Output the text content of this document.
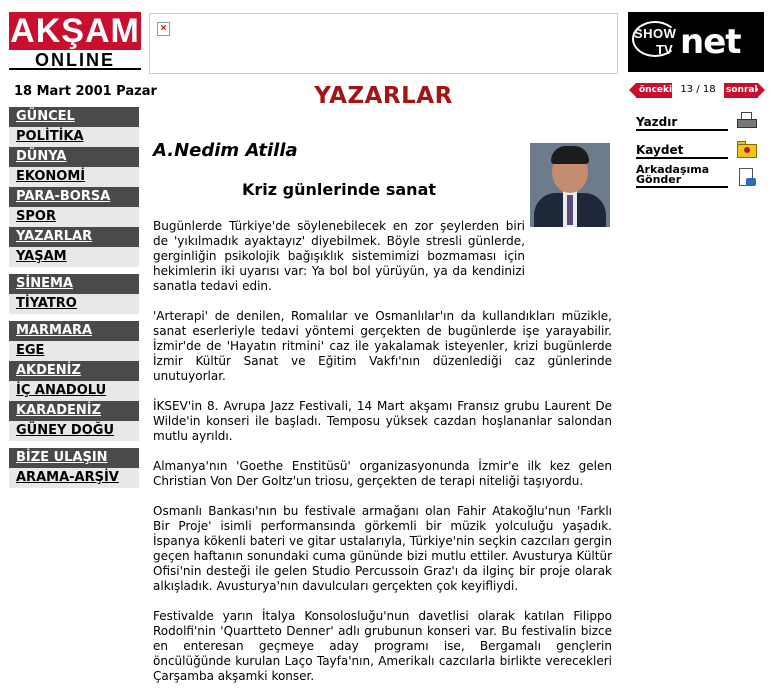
AKŞAM
ONLINE
18 Mart 2001 Pazar
GÜNCEL
POLİTİKA
DÜNYA
EKONOMİ
PARA-BORSA
SPOR
YAZARLAR
YAŞAM
SİNEMA
TİYATRO
MARMARA
EGE
AKDENİZ
İÇ ANADOLU
KARADENİZ
GÜNEY DOĞU
BİZE ULAŞIN
ARAMA-ARŞİV
×
YAZARLAR
A.Nedim Atilla
Kriz günlerinde sanat

Bugünlerde Türkiye'de söylenebilecek en zor şeylerden biri de 'yıkılmadık ayaktayız' diyebilmek. Böyle stresli günlerde, gerginliğin psikolojik bağışıklık sistemimizi bozmaması için hekimlerin iki uyarısı var: Ya bol bol yürüyün, ya da kendinizi sanatla tedavi edin.

'Arterapi' de denilen, Romalılar ve Osmanlılar'ın da kullandıkları müzikle, sanat eserleriyle tedavi yöntemi gerçekten de bugünlerde işe yarayabilir. İzmir'de de 'Hayatın ritmini' caz ile yakalamak isteyenler, krizi bugünlerde İzmir Kültür Sanat ve Eğitim Vakfı'nın düzenlediği caz günlerinde unutuyorlar.

İKSEV'in 8. Avrupa Jazz Festivali, 14 Mart akşamı Fransız grubu Laurent De Wilde'in konseri ile başladı. Temposu yüksek cazdan hoşlananlar salondan mutlu ayrıldı.

Almanya'nın 'Goethe Enstitüsü' organizasyonunda İzmir'e ilk kez gelen Christian Von Der Goltz'un triosu, gerçekten de terapi niteliği taşıyordu.

Osmanlı Bankası'nın bu festivale armağanı olan Fahir Atakoğlu'nun 'Farklı Bir Proje' isimli performansında görkemli bir müzik yolculuğu yaşadık. İspanya kökenli bateri ve gitar ustalarıyla, Türkiye'nin seçkin cazcıları gergin geçen haftanın sonundaki cuma gününde bizi mutlu ettiler. Avusturya Kültür Ofisi'nin desteği ile gelen Studio Percussoin Graz'ı da ilginç bir proje olarak alkışladık. Avusturya'nın davulcuları gerçekten çok keyifliydi.

Festivalde yarın İtalya Konsolosluğu'nun davetlisi olarak katılan Filippo Rodolfi'nin 'Quartteto Denner' adlı grubunun konseri var. Bu festivalin bizce en enteresan geçmeye aday programı ise, Bergamalı gençlerin öncülüğünde kurulan Laço Tayfa'nın, Amerikalı cazcılarla birlikte verecekleri Çarşamba akşamki konser.

SHOW
TV net
önceki 13 / 18 sonraki
Yazdır
Kaydet
Arkadaşıma
Gönder
